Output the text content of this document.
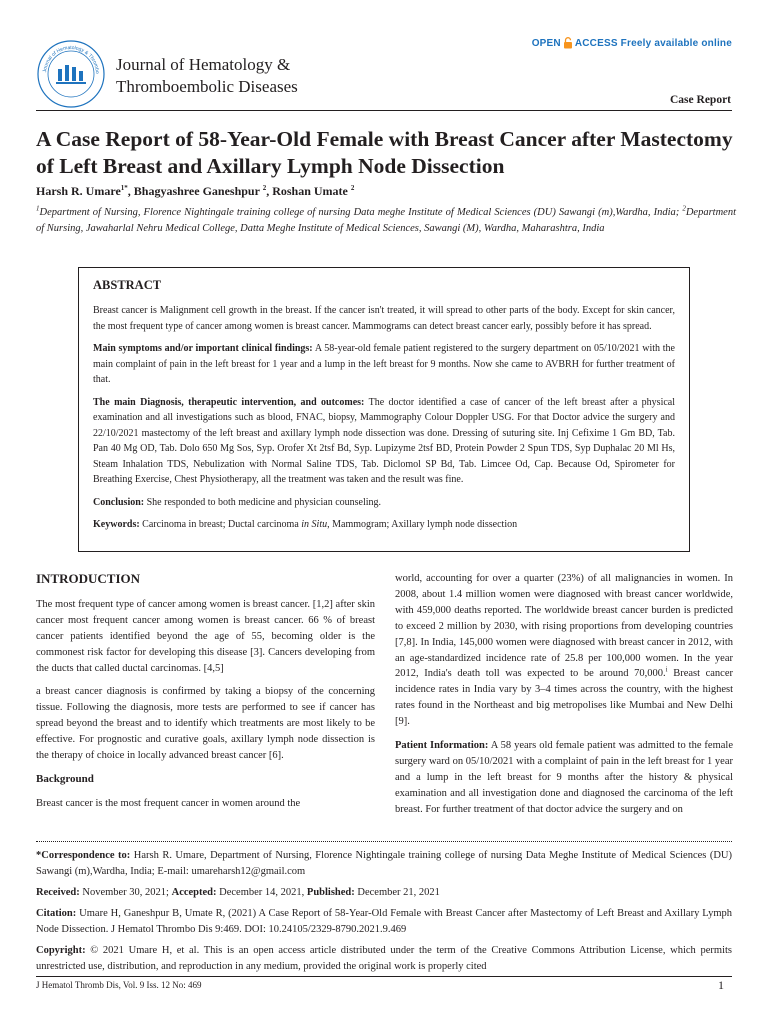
Journal of Hematology & Thrombo Journal of Hematology &
Thromboembolic Diseases
OPEN ACCESS Freely available online
Case Report
A Case Report of 58-Year-Old Female with Breast Cancer after Mastectomy of Left Breast and Axillary Lymph Node Dissection
Harsh R. Umare$^{1*}$, Bhagyashree Ganeshpur $^2$, Roshan Umate $^2$
$^1$Department of Nursing, Florence Nightingale training college of nursing Data meghe Institute of Medical Sciences (DU) Sawangi (m),Wardha, India; $^2$Department of Nursing, Jawaharlal Nehru Medical College, Datta Meghe Institute of Medical Sciences, Sawangi (M), Wardha, Maharashtra, India
ABSTRACT

Breast cancer is Malignment cell growth in the breast. If the cancer isn't treated, it will spread to other parts of the body. Except for skin cancer, the most frequent type of cancer among women is breast cancer. Mammograms can detect breast cancer early, possibly before it has spread.

Main symptoms and/or important clinical findings: A 58-year-old female patient registered to the surgery department on 05/10/2021 with the main complaint of pain in the left breast for 1 year and a lump in the left breast for 9 months. Now she came to AVBRH for further treatment of that.

The main Diagnosis, therapeutic intervention, and outcomes: The doctor identified a case of cancer of the left breast after a physical examination and all investigations such as blood, FNAC, biopsy, Mammography Colour Doppler USG. For that Doctor advice the surgery and 22/10/2021 mastectomy of the left breast and axillary lymph node dissection was done. Dressing of suturing site. Inj Cefixime 1 Gm BD, Tab. Pan 40 Mg OD, Tab. Dolo 650 Mg Sos, Syp. Orofer Xt 2tsf Bd, Syp. Lupizyme 2tsf BD, Protein Powder 2 Spun TDS, Syp Duphalac 20 Ml Hs, Steam Inhalation TDS, Nebulization with Normal Saline TDS, Tab. Diclomol SP Bd, Tab. Limcee Od, Cap. Because Od, Spirometer for Breathing Exercise, Chest Physiotherapy, all the treatment was taken and the result was fine.

Conclusion: She responded to both medicine and physician counseling.

Keywords: Carcinoma in breast; Ductal carcinoma in Situ, Mammogram; Axillary lymph node dissection

INTRODUCTION

The most frequent type of cancer among women is breast cancer. [1,2] after skin cancer most frequent cancer among women is breast cancer. 66 % of breast cancer patients identified beyond the age of 55, becoming older is the commonest risk factor for developing this disease [3]. Cancers developing from the ducts that called ductal carcinomas. [4,5]

a breast cancer diagnosis is confirmed by taking a biopsy of the concerning tissue. Following the diagnosis, more tests are performed to see if cancer has spread beyond the breast and to identify which treatments are most likely to be effective. For prognostic and curative goals, axillary lymph node dissection is the therapy of choice in locally advanced breast cancer [6].

Background

Breast cancer is the most frequent cancer in women around the

world, accounting for over a quarter (23%) of all malignancies in women. In 2008, about 1.4 million women were diagnosed with breast cancer worldwide, with 459,000 deaths reported. The worldwide breast cancer burden is predicted to exceed 2 million by 2030, with rising proportions from developing countries [7,8]. In India, 145,000 women were diagnosed with breast cancer in 2012, with an age-standardized incidence rate of 25.8 per 100,000 women. In the year 2012, India's death toll was expected to be around 70,000.$^i$ Breast cancer incidence rates in India vary by 3–4 times across the country, with the highest rates found in the Northeast and big metropolises like Mumbai and New Delhi [9].

Patient Information: A 58 years old female patient was admitted to the female surgery ward on 05/10/2021 with a complaint of pain in the left breast for 1 year and a lump in the left breast for 9 months after the history & physical examination and all investigation done and diagnosed the carcinoma of the left breast. For further treatment of that doctor advice the surgery and on

*Correspondence to: Harsh R. Umare, Department of Nursing, Florence Nightingale training college of nursing Data Meghe Institute of Medical Sciences (DU) Sawangi (m),Wardha, India; E-mail: umareharsh12@gmail.com

Received: November 30, 2021; Accepted: December 14, 2021, Published: December 21, 2021

Citation: Umare H, Ganeshpur B, Umate R, (2021) A Case Report of 58-Year-Old Female with Breast Cancer after Mastectomy of Left Breast and Axillary Lymph Node Dissection. J Hematol Thrombo Dis 9:469. DOI: 10.24105/2329-8790.2021.9.469

Copyright: © 2021 Umare H, et al. This is an open access article distributed under the term of the Creative Commons Attribution License, which permits unrestricted use, distribution, and reproduction in any medium, provided the original work is properly cited

J Hematol Thromb Dis, Vol. 9 Iss. 12 No: 469	1
